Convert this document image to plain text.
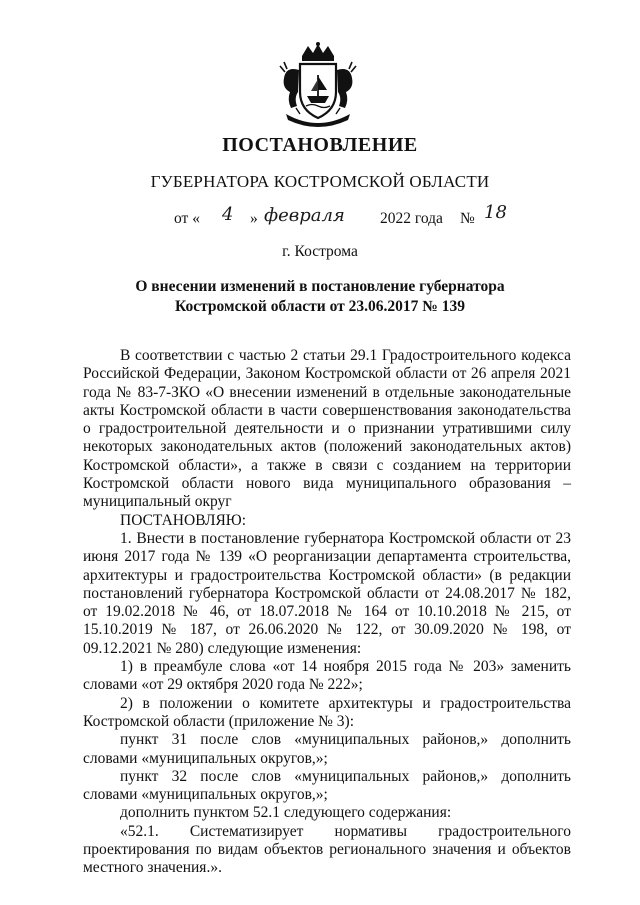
ПОСТАНОВЛЕНИЕ
ГУБЕРНАТОРА КОСТРОМСКОЙ ОБЛАСТИ
от « 4 » февраля 2022 года № 18
г. Кострома
О внесении изменений в постановление губернатора
Костромской области от 23.06.2017 № 139

В соответствии с частью 2 статьи 29.1 Градостроительного кодекса Российской Федерации, Законом Костромской области от 26 апреля 2021 года № 83-7-ЗКО «О внесении изменений в отдельные законодательные акты Костромской области в части совершенствования законодательства о градостроительной деятельности и о признании утратившими силу некоторых законодательных актов (положений законодательных актов) Костромской области», а также в связи с созданием на территории Костромской области нового вида муниципального образования – муниципальный округ

ПОСТАНОВЛЯЮ:

1. Внести в постановление губернатора Костромской области от 23 июня 2017 года № 139 «О реорганизации департамента строительства, архитектуры и градостроительства Костромской области» (в редакции постановлений губернатора Костромской области от 24.08.2017 № 182, от 19.02.2018 № 46, от 18.07.2018 № 164 от 10.10.2018 № 215, от 15.10.2019 № 187, от 26.06.2020 № 122, от 30.09.2020 № 198, от 09.12.2021 № 280) следующие изменения:

1) в преамбуле слова «от 14 ноября 2015 года № 203» заменить словами «от 29 октября 2020 года № 222»;

2) в положении о комитете архитектуры и градостроительства Костромской области (приложение № 3):

пункт 31 после слов «муниципальных районов,» дополнить словами «муниципальных округов,»;

пункт 32 после слов «муниципальных районов,» дополнить словами «муниципальных округов,»;

дополнить пунктом 52.1 следующего содержания:

«52.1. Систематизирует нормативы градостроительного проектирования по видам объектов регионального значения и объектов местного значения.».
